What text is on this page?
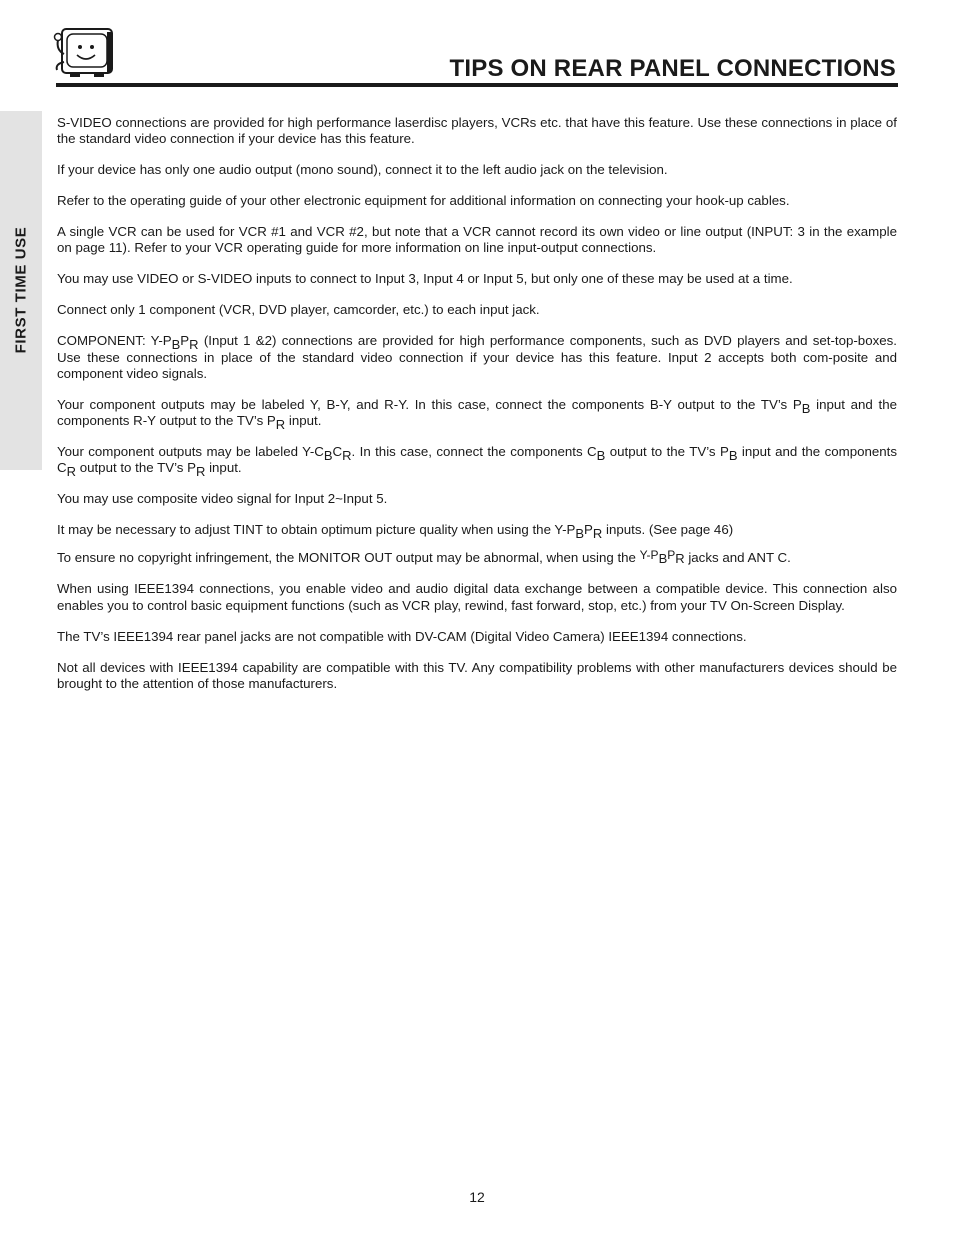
TIPS ON REAR PANEL CONNECTIONS
FIRST TIME USE

S-VIDEO connections are provided for high performance laserdisc players, VCRs etc. that have this feature. Use these connections in place of the standard video connection if your device has this feature.

If your device has only one audio output (mono sound), connect it to the left audio jack on the television.

Refer to the operating guide of your other electronic equipment for additional information on connecting your hook-up cables.

A single VCR can be used for VCR #1 and VCR #2, but note that a VCR cannot record its own video or line output (INPUT: 3 in the example on page 11). Refer to your VCR operating guide for more information on line input-output connections.

You may use VIDEO or S-VIDEO inputs to connect to Input 3, Input 4 or Input 5, but only one of these may be used at a time.

Connect only 1 component (VCR, DVD player, camcorder, etc.) to each input jack.

COMPONENT: $Y-P_BP_R$ (Input 1 &2) connections are provided for high performance components, such as DVD players and set-top-boxes. Use these connections in place of the standard video connection if your device has this feature. Input 2 accepts both com-posite and component video signals.

Your component outputs may be labeled Y, B-Y, and R-Y. In this case, connect the components B-Y output to the TV’s $P_B$ input and the components R-Y output to the TV’s $P_R$ input.

Your component outputs may be labeled $Y-C_BC_R$. In this case, connect the components $C_B$ output to the TV’s $P_B$ input and the components $C_R$ output to the TV’s $P_R$ input.

You may use composite video signal for Input 2~Input 5.

It may be necessary to adjust TINT to obtain optimum picture quality when using the $Y-P_BP_R$ inputs. (See page 46)

To ensure no copyright infringement, the MONITOR OUT output may be abnormal, when using the $^{Y-P_BP_R}$ jacks and ANT C.

When using IEEE1394 connections, you enable video and audio digital data exchange between a compatible device. This connection also enables you to control basic equipment functions (such as VCR play, rewind, fast forward, stop, etc.) from your TV On-Screen Display.

The TV’s IEEE1394 rear panel jacks are not compatible with DV-CAM (Digital Video Camera) IEEE1394 connections.

Not all devices with IEEE1394 capability are compatible with this TV. Any compatibility problems with other manufacturers devices should be brought to the attention of those manufacturers.

12
